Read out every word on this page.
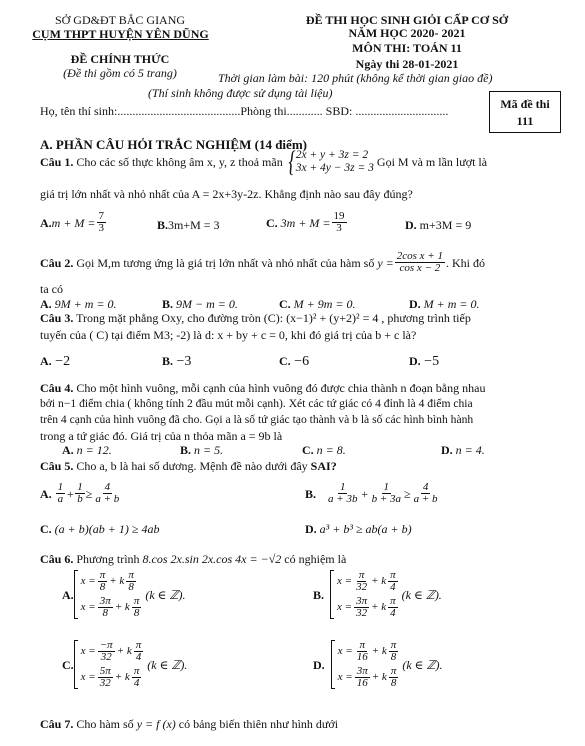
SỞ GD&ĐT BẮC GIANG
CỤM THPT HUYỆN YÊN DŨNG
ĐỀ CHÍNH THỨC
(Đề thi gồm có 5 trang)
ĐỀ THI HỌC SINH GIỎI CẤP CƠ SỞ
NĂM HỌC 2020- 2021
MÔN THI: TOÁN 11
Ngày thi 28-01-2021
Thời gian làm bài: 120 phút (không kể thời gian giao đề)
(Thí sinh không được sử dụng tài liệu)
Họ, tên thí sinh:.........................................Phòng thi............ SBD: ...............................	Mã đề thi
111
A. PHẦN CÂU HỎI TRẮC NGHIỆM (14 điểm)
Câu 1.
Cho các số thực không âm x, y, z thoả mãn
{ 2x + y + 3z = 2
3x + 4y − 3z = 3
Gọi M và m lần lượt là
giá trị lớn nhất và nhỏ nhất của A = 2x+3y-2z. Khẳng định nào sau đây đúng?
A. $m + M = \frac{7}{3}$	B.3m+M = 3	C.
$3m + M = \frac{19}{3}$	D. m+3M = 9
Câu 2.
Gọi M,m tương ứng là giá trị lớn nhất và nhỏ nhất của hàm số
$y = \frac{\text{2cos x + 1}}{\text{cos x − 2}}$ . Khi đó
ta có
A. 9M + m = 0.	B. 9M − m = 0.	C. M + 9m = 0.	D. M + m = 0.
Câu 3. Trong mặt phẳng Oxy, cho đường tròn (C): (x−1)² + (y+2)² = 4 , phương trình tiếp
tuyến của ( C) tại điểm M3; -2) là d: x + by + c = 0, khi đó giá trị của b + c là?
A. −2	B. −3	C. −6	D. −5
Câu 4. Cho một hình vuông, mỗi cạnh của hình vuông đó được chia thành n đoạn bằng nhau
bởi n−1 điểm chia ( không tính 2 đầu mút mỗi cạnh). Xét các tứ giác có 4 đỉnh là 4 điểm chia
trên 4 cạnh của hình vuông đã cho. Gọi a là số tứ giác tạo thành và b là số các hình bình hành
trong a tứ giác đó. Giá trị của n thỏa mãn a = 9b là
A. n = 12.	B. n = 5.	C. n = 8.	D. n = 4.
Câu 5. Cho a, b là hai số dương. Mệnh đề nào dưới đây SAI?
A.
$\frac{1}{a} + \frac{1}{b} \ge \frac{4}{a + b}$	B.
$\frac{1}{a + 3b} + \frac{1}{b + 3a} \ge \frac{4}{a + b}$
C. (a + b)(ab + 1) ≥ 4ab	D. a³ + b³ ≥ ab(a + b)
Câu 6. Phương trình 8.cos 2x.sin 2x.cos 4x = −√2 có nghiệm là
A.
$x = \frac{\pi}{8} + k \frac{\pi}{8}$
$x = \frac{3\pi}{8} + k \frac{\pi}{8}$

(k ∈ ℤ).	B.

$x = \frac{\pi}{32} + k \frac{\pi}{4}$
$x = \frac{3\pi}{32} + k \frac{\pi}{4}$

(k ∈ ℤ).
C.
$x = \frac{-\pi}{32} + k \frac{\pi}{4}$
$x = \frac{5\pi}{32} + k \frac{\pi}{4}$

(k ∈ ℤ).	D.

$x = \frac{\pi}{16} + k \frac{\pi}{8}$
$x = \frac{3\pi}{16} + k \frac{\pi}{8}$

(k ∈ ℤ).
Câu 7. Cho hàm số y = f (x) có bảng biến thiên như hình dưới
